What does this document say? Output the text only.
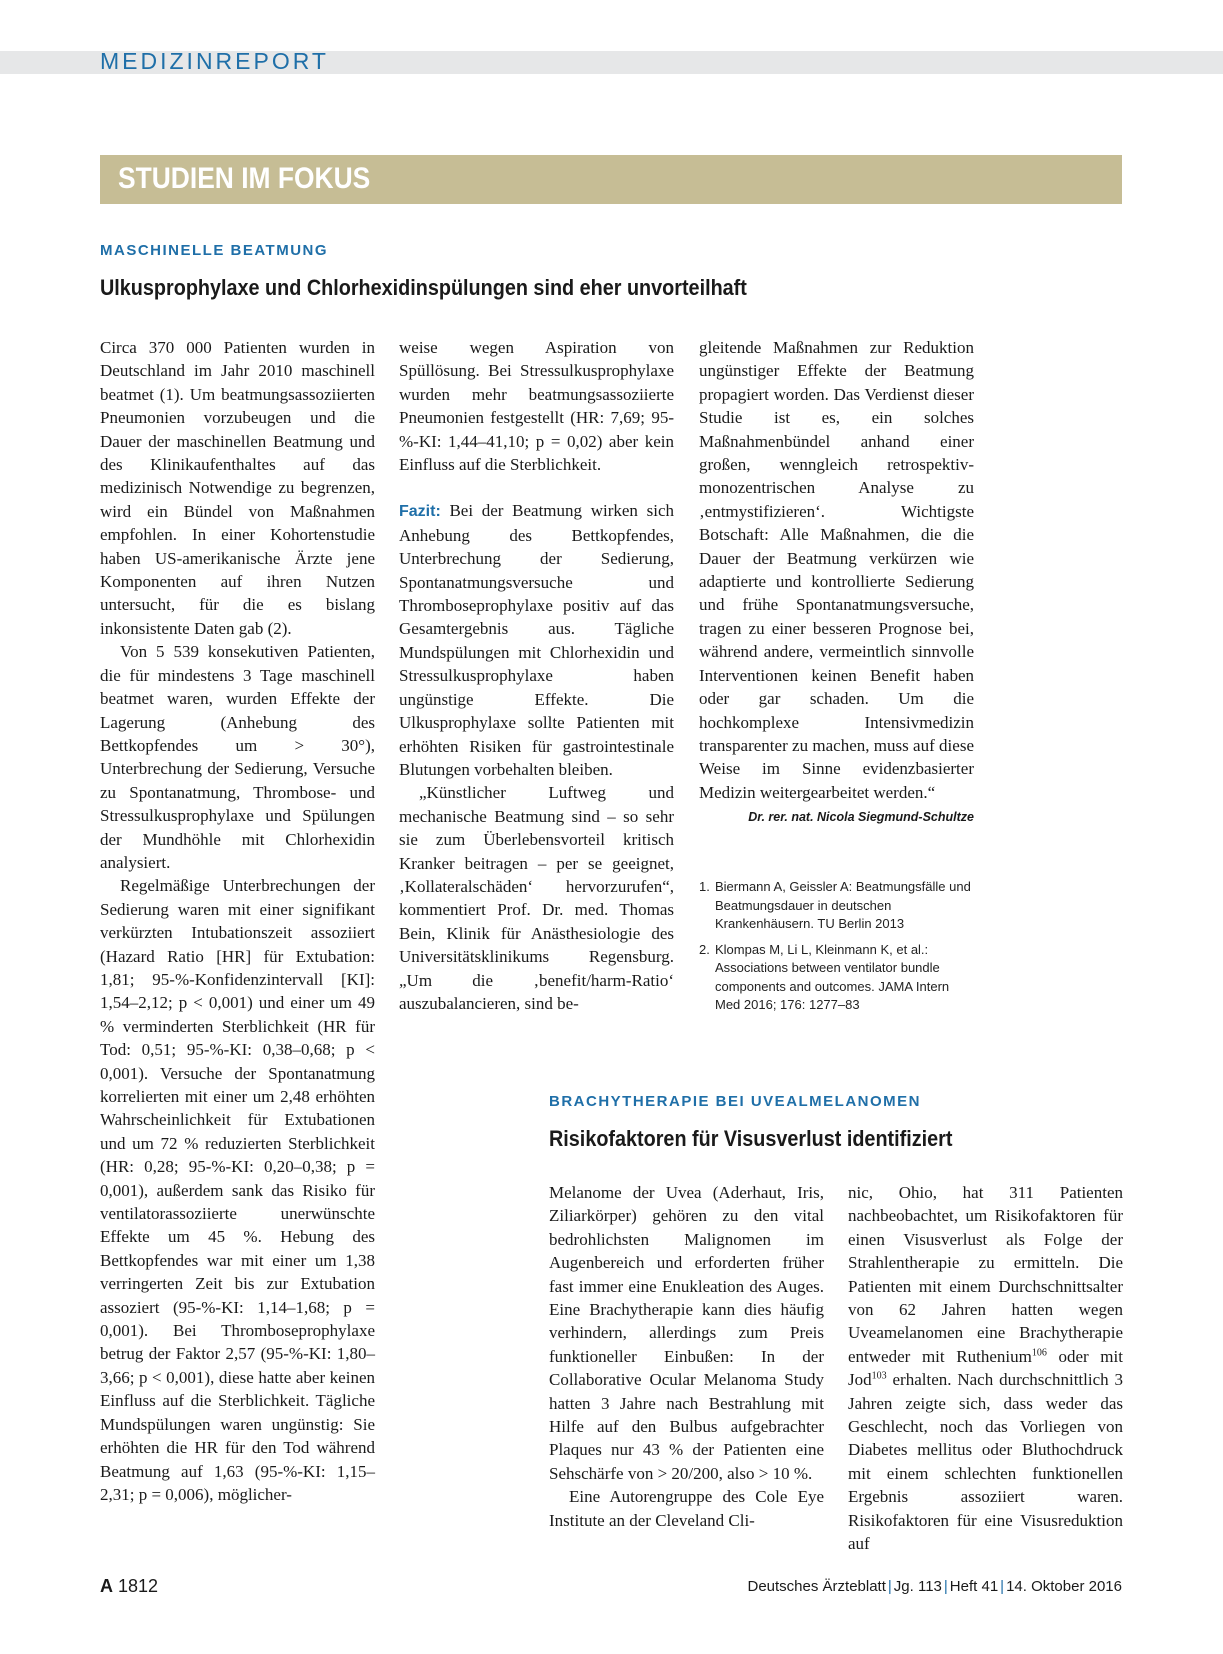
MEDIZINREPORT
STUDIEN IM FOKUS
MASCHINELLE BEATMUNG
Ulkusprophylaxe und Chlorhexidinspülungen sind eher unvorteilhaft

Circa 370 000 Patienten wurden in Deutschland im Jahr 2010 maschinell beatmet (1). Um beatmungsassoziierten Pneumonien vorzubeugen und die Dauer der maschinellen Beatmung und des Klinikaufenthaltes auf das medizinisch Notwendige zu begrenzen, wird ein Bündel von Maßnahmen empfohlen. In einer Kohortenstudie haben US-amerikanische Ärzte jene Komponenten auf ihren Nutzen untersucht, für die es bislang inkonsistente Daten gab (2).

Von 5 539 konsekutiven Patienten, die für mindestens 3 Tage maschinell beatmet waren, wurden Effekte der Lagerung (Anhebung des Bettkopfendes um > 30°), Unterbrechung der Sedierung, Versuche zu Spontanatmung, Thrombose- und Stressulkusprophylaxe und Spülungen der Mundhöhle mit Chlorhexidin analysiert.

Regelmäßige Unterbrechungen der Sedierung waren mit einer signifikant verkürzten Intubationszeit assoziiert (Hazard Ratio [HR] für Extubation: 1,81; 95-%-Konfidenzintervall [KI]: 1,54–2,12; p < 0,001) und einer um 49 % verminderten Sterblichkeit (HR für Tod: 0,51; 95-%-KI: 0,38–0,68; p < 0,001). Versuche der Spontanatmung korrelierten mit einer um 2,48 erhöhten Wahrscheinlichkeit für Extubationen und um 72 % reduzierten Sterblichkeit (HR: 0,28; 95-%-KI: 0,20–0,38; p = 0,001), außerdem sank das Risiko für ventilatorassoziierte unerwünschte Effekte um 45 %. Hebung des Bettkopfendes war mit einer um 1,38 verringerten Zeit bis zur Extubation assoziert (95-%-KI: 1,14–1,68; p = 0,001). Bei Thromboseprophylaxe betrug der Faktor 2,57 (95-%-KI: 1,80–3,66; p < 0,001), diese hatte aber keinen Einfluss auf die Sterblichkeit. Tägliche Mundspülungen waren ungünstig: Sie erhöhten die HR für den Tod während Beatmung auf 1,63 (95-%-KI: 1,15–2,31; p = 0,006), möglicher-

weise wegen Aspiration von Spüllösung. Bei Stressulkusprophylaxe wurden mehr beatmungsassoziierte Pneumonien festgestellt (HR: 7,69; 95-%-KI: 1,44–41,10; p = 0,02) aber kein Einfluss auf die Sterblichkeit.

Fazit: Bei der Beatmung wirken sich Anhebung des Bettkopfendes, Unterbrechung der Sedierung, Spontanatmungsversuche und Thromboseprophylaxe positiv auf das Gesamtergebnis aus. Tägliche Mundspülungen mit Chlorhexidin und Stressulkusprophylaxe haben ungünstige Effekte. Die Ulkusprophylaxe sollte Patienten mit erhöhten Risiken für gastrointestinale Blutungen vorbehalten bleiben.

„Künstlicher Luftweg und mechanische Beatmung sind – so sehr sie zum Überlebensvorteil kritisch Kranker beitragen – per se geeignet, ‚Kollateralschäden‘ hervorzurufen“, kommentiert Prof. Dr. med. Thomas Bein, Klinik für Anästhesiologie des Universitätsklinikums Regensburg. „Um die ‚benefit/harm-Ratio‘ auszubalancieren, sind be-

gleitende Maßnahmen zur Reduktion ungünstiger Effekte der Beatmung propagiert worden. Das Verdienst dieser Studie ist es, ein solches Maßnahmenbündel anhand einer großen, wenngleich retrospektiv-monozentrischen Analyse zu ‚entmystifizieren‘. Wichtigste Botschaft: Alle Maßnahmen, die die Dauer der Beatmung verkürzen wie adaptierte und kontrollierte Sedierung und frühe Spontanatmungsversuche, tragen zu einer besseren Prognose bei, während andere, vermeintlich sinnvolle Interventionen keinen Benefit haben oder gar schaden. Um die hochkomplexe Intensivmedizin transparenter zu machen, muss auf diese Weise im Sinne evidenzbasierter Medizin weitergearbeitet werden.“

Dr. rer. nat. Nicola Siegmund-Schultze

1. Biermann A, Geissler A: Beatmungsfälle und Beatmungsdauer in deutschen Krankenhäusern. TU Berlin 2013
2. Klompas M, Li L, Kleinmann K, et al.: Associations between ventilator bundle components and outcomes. JAMA Intern Med 2016; 176: 1277–83
BRACHYTHERAPIE BEI UVEALMELANOMEN
Risikofaktoren für Visusverlust identifiziert

Melanome der Uvea (Aderhaut, Iris, Ziliarkörper) gehören zu den vital bedrohlichsten Malignomen im Augenbereich und erforderten früher fast immer eine Enukleation des Auges. Eine Brachytherapie kann dies häufig verhindern, allerdings zum Preis funktioneller Einbußen: In der Collaborative Ocular Melanoma Study hatten 3 Jahre nach Bestrahlung mit Hilfe auf den Bulbus aufgebrachter Plaques nur 43 % der Patienten eine Sehschärfe von > 20/200, also > 10 %.

Eine Autorengruppe des Cole Eye Institute an der Cleveland Cli-

nic, Ohio, hat 311 Patienten nachbeobachtet, um Risikofaktoren für einen Visusverlust als Folge der Strahlentherapie zu ermitteln. Die Patienten mit einem Durchschnittsalter von 62 Jahren hatten wegen Uveamelanomen eine Brachytherapie entweder mit Ruthenium$^{106}$ oder mit Jod$^{103}$ erhalten. Nach durchschnittlich 3 Jahren zeigte sich, dass weder das Geschlecht, noch das Vorliegen von Diabetes mellitus oder Bluthochdruck mit einem schlechten funktionellen Ergebnis assoziiert waren. Risikofaktoren für eine Visusreduktion auf

A 1812	Deutsches Ärzteblatt | Jg. 113 | Heft 41 | 14. Oktober 2016
